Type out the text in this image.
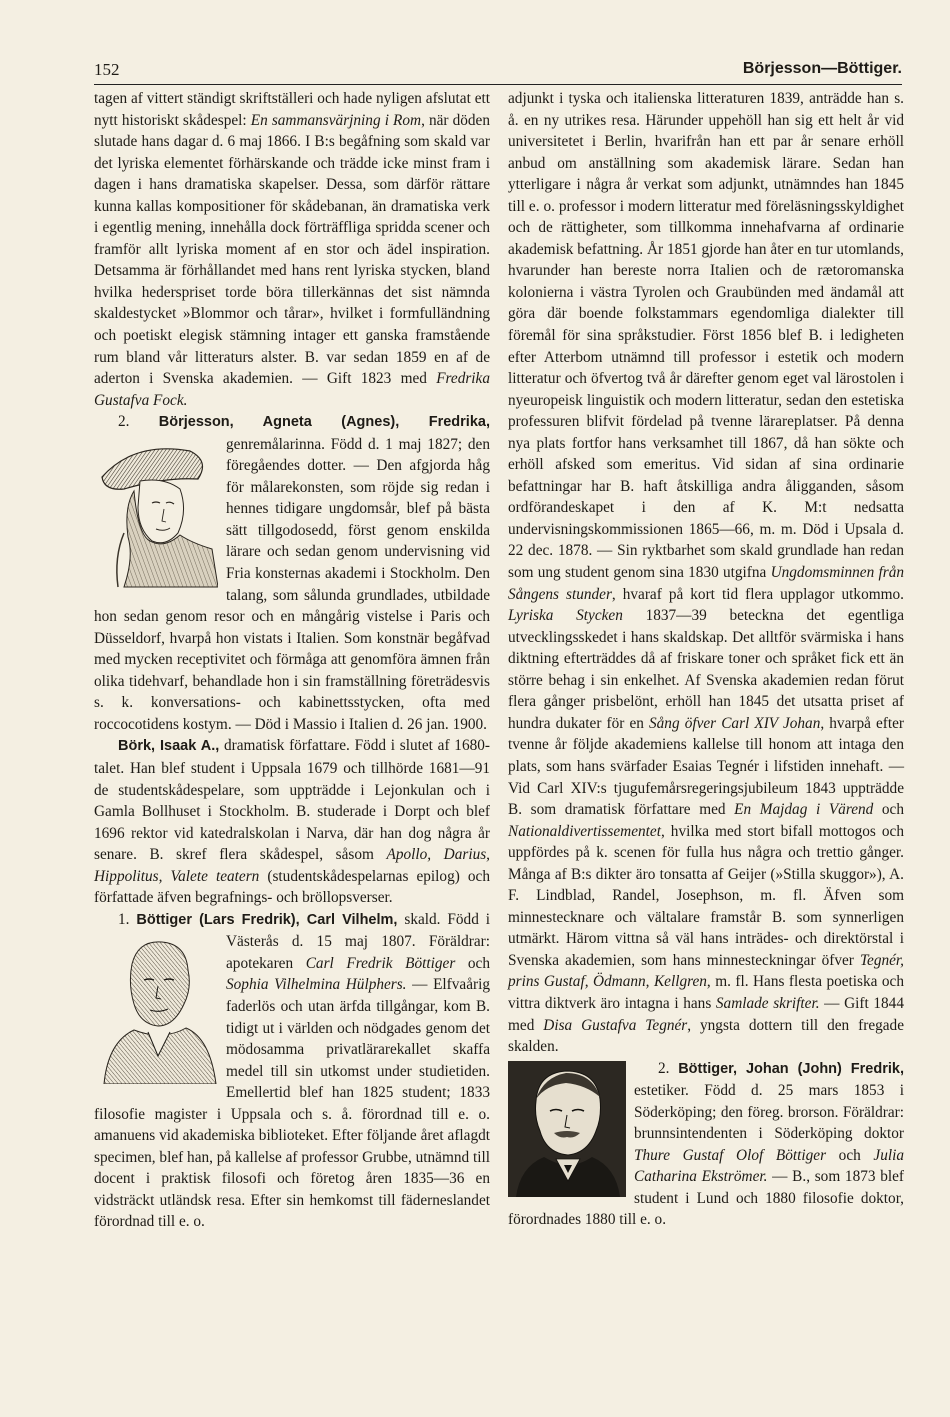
152	Börjesson—Böttiger.

tagen af vittert ständigt skriftställeri och hade nyligen afslutat ett nytt historiskt skådespel: En sammansvärjning i Rom, när döden slutade hans dagar d. 6 maj 1866. I B:s begåfning som skald var det lyriska elementet förhärskande och trädde icke minst fram i dagen i hans dramatiska skapelser. Dessa, som därför rättare kunna kallas kompositioner för skådebanan, än dramatiska verk i egentlig mening, innehålla dock förträffliga spridda scener och framför allt lyriska moment af en stor och ädel inspiration. Detsamma är förhållandet med hans rent lyriska stycken, bland hvilka hederspriset torde böra tillerkännas det sist nämnda skaldestycket »Blommor och tårar», hvilket i formfulländning och poetiskt elegisk stämning intager ett ganska framstående rum bland vår litteraturs alster. B. var sedan 1859 en af de aderton i Svenska akademien. — Gift 1823 med Fredrika Gustafva Fock.

2. Börjesson, Agneta (Agnes), Fredrika,
genremålarinna. Född d. 1 maj 1827; den föregåendes dotter. — Den afgjorda håg för målarekonsten, som röjde sig redan i hennes tidigare ungdomsår, blef på bästa sätt tillgodosedd, först genom enskilda lärare och sedan genom undervisning vid Fria konsternas akademi i Stockholm. Den talang, som sålunda grundlades, utbildade hon sedan genom resor och en mångårig vistelse i Paris och Düsseldorf, hvarpå hon vistats i Italien. Som konstnär begåfvad med mycken receptivitet och förmåga att genomföra ämnen från olika tidehvarf, behandlade hon i sin framställning företrädesvis s. k. konversations- och kabinettsstycken, ofta med roccocotidens kostym. — Död i Massio i Italien d. 26 jan. 1900.

Börk, Isaak A., dramatisk författare. Född i slutet af 1680-talet. Han blef student i Uppsala 1679 och tillhörde 1681—91 de studentskådespelare, som uppträdde i Lejonkulan och i Gamla Bollhuset i Stockholm. B. studerade i Dorpt och blef 1696 rektor vid katedralskolan i Narva, där han dog några år senare. B. skref flera skådespel, såsom Apollo, Darius, Hippolitus, Valete teatern (studentskådespelarnas epilog) och författade äfven begrafnings- och bröllopsverser.

1. Böttiger (Lars Fredrik), Carl Vilhelm,
skald. Född i Västerås d. 15 maj 1807. Föräldrar: apotekaren Carl Fredrik Böttiger och Sophia Vilhelmina Hülphers. — Elfvaårig faderlös och utan ärfda tillgångar, kom B. tidigt ut i världen och nödgades genom det mödosamma privatlärarekallet skaffa medel till sin utkomst under studietiden. Emellertid blef han 1825 student; 1833 filosofie magister i Uppsala och s. å. förordnad till e. o. amanuens vid akademiska biblioteket. Efter följande året aflagdt specimen, blef han, på kallelse af professor Grubbe, utnämnd till docent i praktisk filosofi och företog åren 1835—36 en vidsträckt utländsk resa. Efter sin hemkomst till fäderneslandet förordnad till e. o.

adjunkt i tyska och italienska litteraturen 1839, anträdde han s. å. en ny utrikes resa. Härunder uppehöll han sig ett helt år vid universitetet i Berlin, hvarifrån han ett par år senare erhöll anbud om anställning som akademisk lärare. Sedan han ytterligare i några år verkat som adjunkt, utnämndes han 1845 till e. o. professor i modern litteratur med föreläsningsskyldighet och de rättigheter, som tillkomma innehafvarna af ordinarie akademisk befattning. År 1851 gjorde han åter en tur utomlands, hvarunder han bereste norra Italien och de rætoromanska kolonierna i västra Tyrolen och Graubünden med ändamål att göra där boende folkstammars egendomliga dialekter till föremål för sina språkstudier. Först 1856 blef B. i ledigheten efter Atterbom utnämnd till professor i estetik och modern litteratur och öfvertog två år därefter genom eget val lärostolen i nyeuropeisk linguistik och modern litteratur, sedan den estetiska professuren blifvit fördelad på tvenne lärareplatser. På denna nya plats fortfor hans verksamhet till 1867, då han sökte och erhöll afsked som emeritus. Vid sidan af sina ordinarie befattningar har B. haft åtskilliga andra åligganden, såsom ordförandeskapet i den af K. M:t nedsatta undervisningskommissionen 1865—66, m. m. Död i Upsala d. 22 dec. 1878. — Sin ryktbarhet som skald grundlade han redan som ung student genom sina 1830 utgifna Ungdomsminnen från Sångens stunder, hvaraf på kort tid flera upplagor utkommo. Lyriska Stycken 1837—39 beteckna det egentliga utvecklingsskedet i hans skaldskap. Det alltför svärmiska i hans diktning efterträddes då af friskare toner och språket fick ett än större behag i sin enkelhet. Af Svenska akademien redan förut flera gånger prisbelönt, erhöll han 1845 det utsatta priset af hundra dukater för en Sång öfver Carl XIV Johan, hvarpå efter tvenne år följde akademiens kallelse till honom att intaga den plats, som hans svärfader Esaias Tegnér i lifstiden innehaft. — Vid Carl XIV:s tjugufemårsregeringsjubileum 1843 uppträdde B. som dramatisk författare med En Majdag i Värend och Nationaldivertissementet, hvilka med stort bifall mottogos och uppfördes på k. scenen för fulla hus några och trettio gånger. Många af B:s dikter äro tonsatta af Geijer (»Stilla skuggor»), A. F. Lindblad, Randel, Josephson, m. fl. Äfven som minnestecknare och vältalare framstår B. som synnerligen utmärkt. Härom vittna så väl hans inträdes- och direktörstal i Svenska akademien, som hans minnesteckningar öfver Tegnér, prins Gustaf, Ödmann, Kellgren, m. fl. Hans flesta poetiska och vittra diktverk äro intagna i hans Samlade skrifter. — Gift 1844 med Disa Gustafva Tegnér, yngsta dottern till den fregade skalden.

2. Böttiger, Johan (John) Fredrik,
estetiker. Född d. 25 mars 1853 i Söderköping; den föreg. brorson. Föräldrar: brunnsintendenten i Söderköping doktor Thure Gustaf Olof Böttiger och Julia Catharina Ekströmer. — B., som 1873 blef student i Lund och 1880 filosofie doktor, förordnades 1880 till e. o.
